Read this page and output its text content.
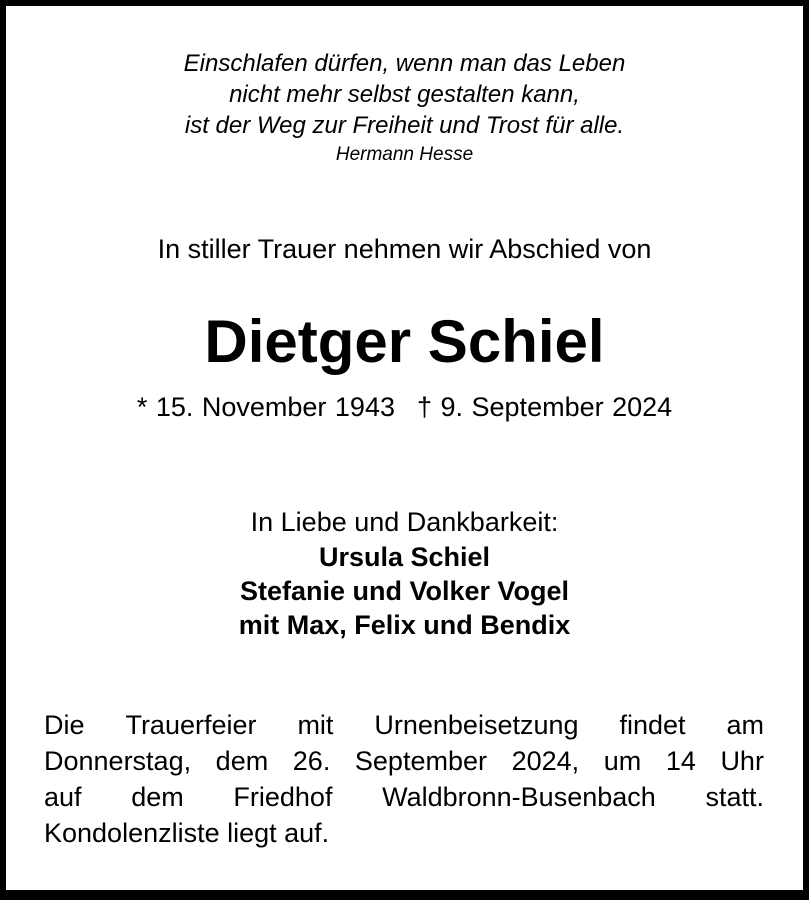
Einschlafen dürfen, wenn man das Leben
nicht mehr selbst gestalten kann,
ist der Weg zur Freiheit und Trost für alle.
Hermann Hesse
In stiller Trauer nehmen wir Abschied von
Dietger Schiel
* 15. November 1943 † 9. September 2024
In Liebe und Dankbarkeit:
Ursula Schiel
Stefanie und Volker Vogel
mit Max, Felix und Bendix
Die Trauerfeier mit Urnenbeisetzung findet am
Donnerstag, dem 26. September 2024, um 14 Uhr
auf dem Friedhof Waldbronn-Busenbach statt.
Kondolenzliste liegt auf.
